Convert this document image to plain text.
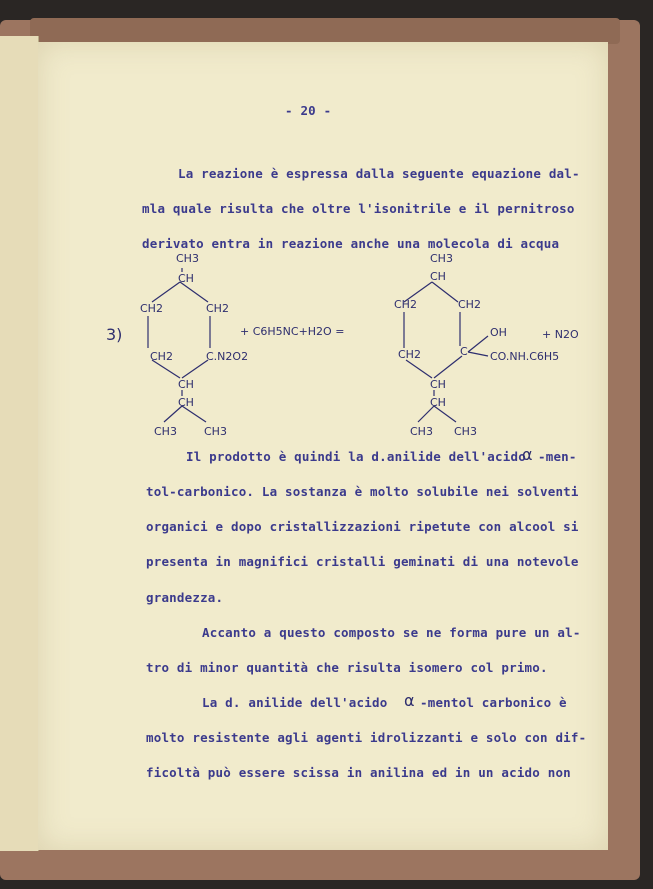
- 20 -
La reazione è espressa dalla seguente equazione dal-
mla quale risulta che oltre l'isonitrile e il pernitroso
derivato entra in reazione anche una molecola di acqua
3)
CH3
CH
CH2	CH2
CH2	C.N2O2
CH
CH
CH3 CH3
+ C6H5NC+H2O =
CH3
CH
CH2	CH2
CH2	C
OH
CO.NH.C6H5
+ N2O
CH
CH
CH3 CH3
Il prodotto è quindi la d.anilide dell'acido
α -men-
tol-carbonico. La sostanza è molto solubile nei solventi
organici e dopo cristallizzazioni ripetute con alcool si
presenta in magnifici cristalli geminati di una notevole
grandezza.
Accanto a questo composto se ne forma pure un al-
tro di minor quantità che risulta isomero col primo.
La d. anilide dell'acido α -mentol carbonico è
molto resistente agli agenti idrolizzanti e solo con dif-
ficoltà può essere scissa in anilina ed in un acido non
